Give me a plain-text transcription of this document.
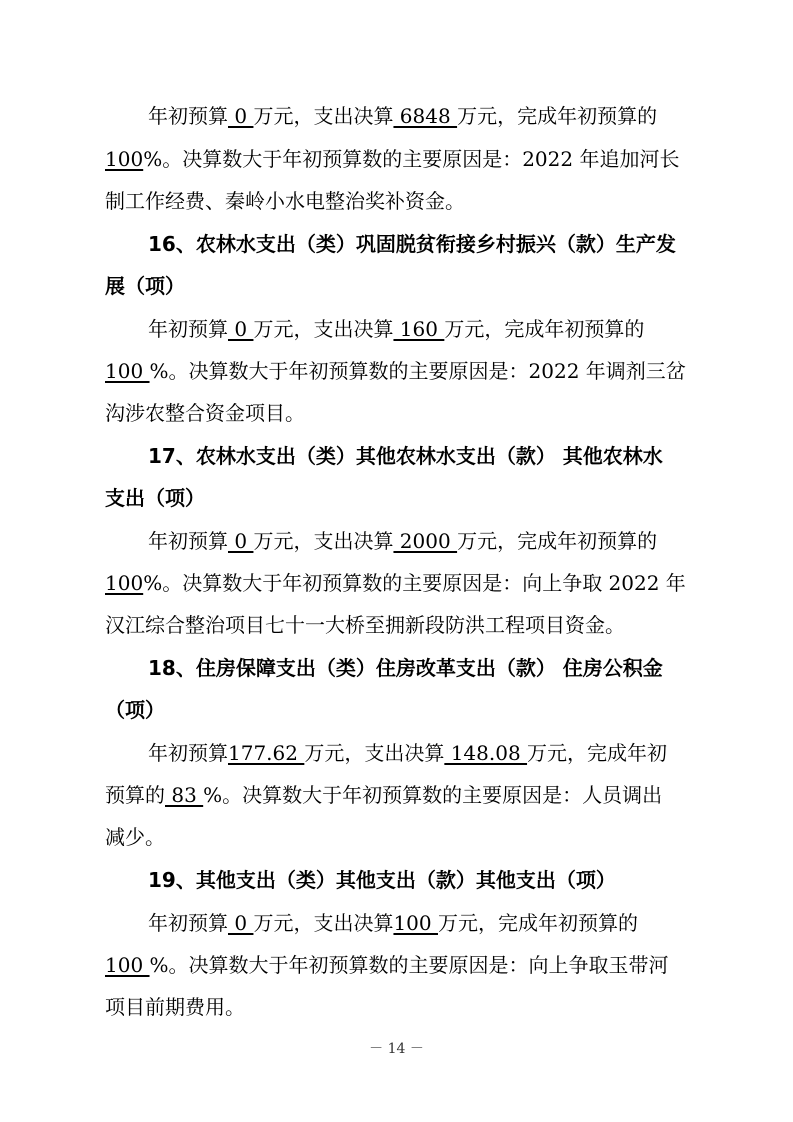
年初预算 0 万元，支出决算 6848 万元，完成年初预算的
100%。决算数大于年初预算数的主要原因是：2022 年追加河长
制工作经费、秦岭小水电整治奖补资金。
16、农林水支出（类）巩固脱贫衔接乡村振兴（款）生产发
展（项）
年初预算 0 万元，支出决算 160 万元，完成年初预算的
100 %。决算数大于年初预算数的主要原因是：2022 年调剂三岔
沟涉农整合资金项目。
17、农林水支出（类）其他农林水支出（款） 其他农林水
支出（项）
年初预算 0 万元，支出决算 2000 万元，完成年初预算的
100%。决算数大于年初预算数的主要原因是：向上争取 2022 年
汉江综合整治项目七十一大桥至拥新段防洪工程项目资金。
18、住房保障支出（类）住房改革支出（款） 住房公积金
（项）
年初预算177.62 万元，支出决算 148.08 万元，完成年初
预算的 83 %。决算数大于年初预算数的主要原因是：人员调出
减少。
19、其他支出（类）其他支出（款）其他支出（项）
年初预算 0 万元，支出决算100 万元，完成年初预算的
100 %。决算数大于年初预算数的主要原因是：向上争取玉带河
项目前期费用。
－ 14 －
